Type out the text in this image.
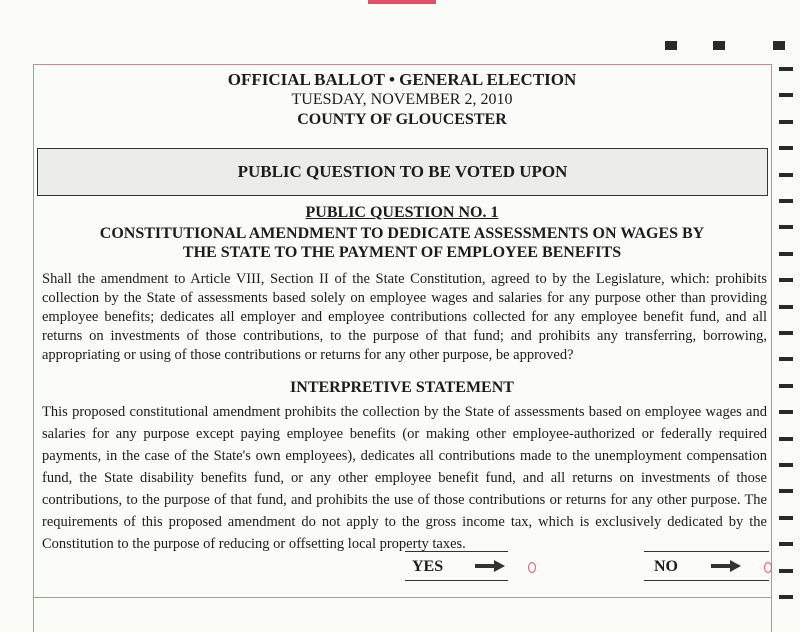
OFFICIAL BALLOT • GENERAL ELECTION
TUESDAY, NOVEMBER 2, 2010
COUNTY OF GLOUCESTER
PUBLIC QUESTION TO BE VOTED UPON
PUBLIC QUESTION NO. 1
CONSTITUTIONAL AMENDMENT TO DEDICATE ASSESSMENTS ON WAGES BY
THE STATE TO THE PAYMENT OF EMPLOYEE BENEFITS
Shall the amendment to Article VIII, Section II of the State Constitution, agreed to by the Legislature, which: prohibits collection by the State of assessments based solely on employee wages and salaries for any purpose other than providing employee benefits; dedicates all employer and employee contributions collected for any employee benefit fund, and all returns on investments of those contributions, to the purpose of that fund; and prohibits any transferring, borrowing, appropriating or using of those contributions or returns for any other purpose, be approved?
INTERPRETIVE STATEMENT
This proposed constitutional amendment prohibits the collection by the State of assessments based on employee wages and salaries for any purpose except paying employee benefits (or making other employee-authorized or federally required payments, in the case of the State's own employees), dedicates all contributions made to the unemployment compensation fund, the State disability benefits fund, or any other employee benefit fund, and all returns on investments of those contributions, to the purpose of that fund, and prohibits the use of those contributions or returns for any other purpose. The requirements of this proposed amendment do not apply to the gross income tax, which is exclusively dedicated by the Constitution to the purpose of reducing or offsetting local property taxes.
YES	NO
